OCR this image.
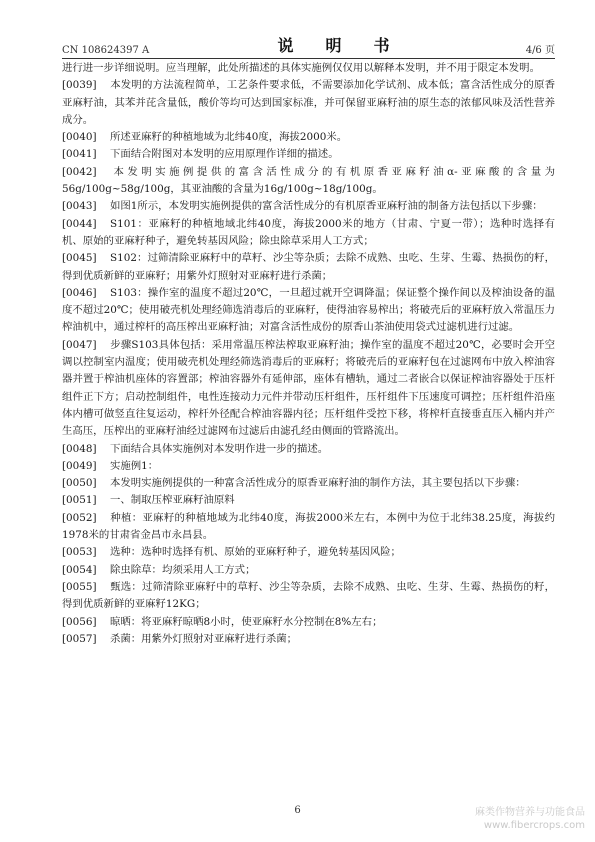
CN 108624397 A	说　明　书	4/6 页

进行进一步详细说明。应当理解，此处所描述的具体实施例仅仅用以解释本发明，并不用于限定本发明。

[0039] 本发明的方法流程简单，工艺条件要求低，不需要添加化学试剂、成本低；富含活性成分的原香亚麻籽油，其苯并芘含量低，酸价等均可达到国家标准，并可保留亚麻籽油的原生态的浓郁风味及活性营养成分。

[0040] 所述亚麻籽的种植地域为北纬40度，海拔2000米。

[0041] 下面结合附图对本发明的应用原理作详细的描述。

[0042] 本发明实施例提供的富含活性成分的有机原香亚麻籽油α-亚麻酸的含量为56g/100g~58g/100g，其亚油酸的含量为16g/100g~18g/100g。

[0043] 如图1所示，本发明实施例提供的富含活性成分的有机原香亚麻籽油的制备方法包括以下步骤：

[0044] S101：亚麻籽的种植地域北纬40度，海拔2000米的地方（甘肃、宁夏一带）；选种时选择有机、原始的亚麻籽种子，避免转基因风险；除虫除草采用人工方式；

[0045] S102：过筛清除亚麻籽中的草籽、沙尘等杂质；去除不成熟、虫吃、生芽、生霉、热损伤的籽，得到优质新鲜的亚麻籽；用紫外灯照射对亚麻籽进行杀菌；

[0046] S103：操作室的温度不超过20℃，一旦超过就开空调降温；保证整个操作间以及榨油设备的温度不超过20℃；使用破壳机处理经筛选消毒后的亚麻籽，使得油容易榨出；将破壳后的亚麻籽放入常温压力榨油机中，通过榨杆的高压榨出亚麻籽油；对富含活性成份的原香山茶油使用袋式过滤机进行过滤。

[0047] 步骤S103具体包括：采用常温压榨法榨取亚麻籽油；操作室的温度不超过20℃，必要时会开空调以控制室内温度；使用破壳机处理经筛选消毒后的亚麻籽；将破壳后的亚麻籽包在过滤网布中放入榨油容器并置于榨油机座体的容置部；榨油容器外有延伸部，座体有槽轨，通过二者嵌合以保证榨油容器处于压杆组件正下方；启动控制组件，电性连接动力元件并带动压杆组件，压杆组件下压速度可调控；压杆组件沿座体内槽可做竖直往复运动，榨杆外径配合榨油容器内径；压杆组件受控下移，将榨杆直接垂直压入桶内并产生高压，压榨出的亚麻籽油经过滤网布过滤后由滤孔经由侧面的管路流出。

[0048] 下面结合具体实施例对本发明作进一步的描述。

[0049] 实施例1：

[0050] 本发明实施例提供的一种富含活性成分的原香亚麻籽油的制作方法，其主要包括以下步骤：

[0051] 一、制取压榨亚麻籽油原料

[0052] 种植：亚麻籽的种植地域为北纬40度，海拔2000米左右，本例中为位于北纬38.25度，海拔约1978米的甘肃省金昌市永昌县。

[0053] 选种：选种时选择有机、原始的亚麻籽种子，避免转基因风险；

[0054] 除虫除草：均须采用人工方式；

[0055] 甄选：过筛清除亚麻籽中的草籽、沙尘等杂质，去除不成熟、虫吃、生芽、生霉、热损伤的籽，得到优质新鲜的亚麻籽12KG；

[0056] 晾晒：将亚麻籽晾晒8小时，使亚麻籽水分控制在8%左右；

[0057] 杀菌：用紫外灯照射对亚麻籽进行杀菌；

6	麻类作物营养与功能食品
www.fibercrops.com
